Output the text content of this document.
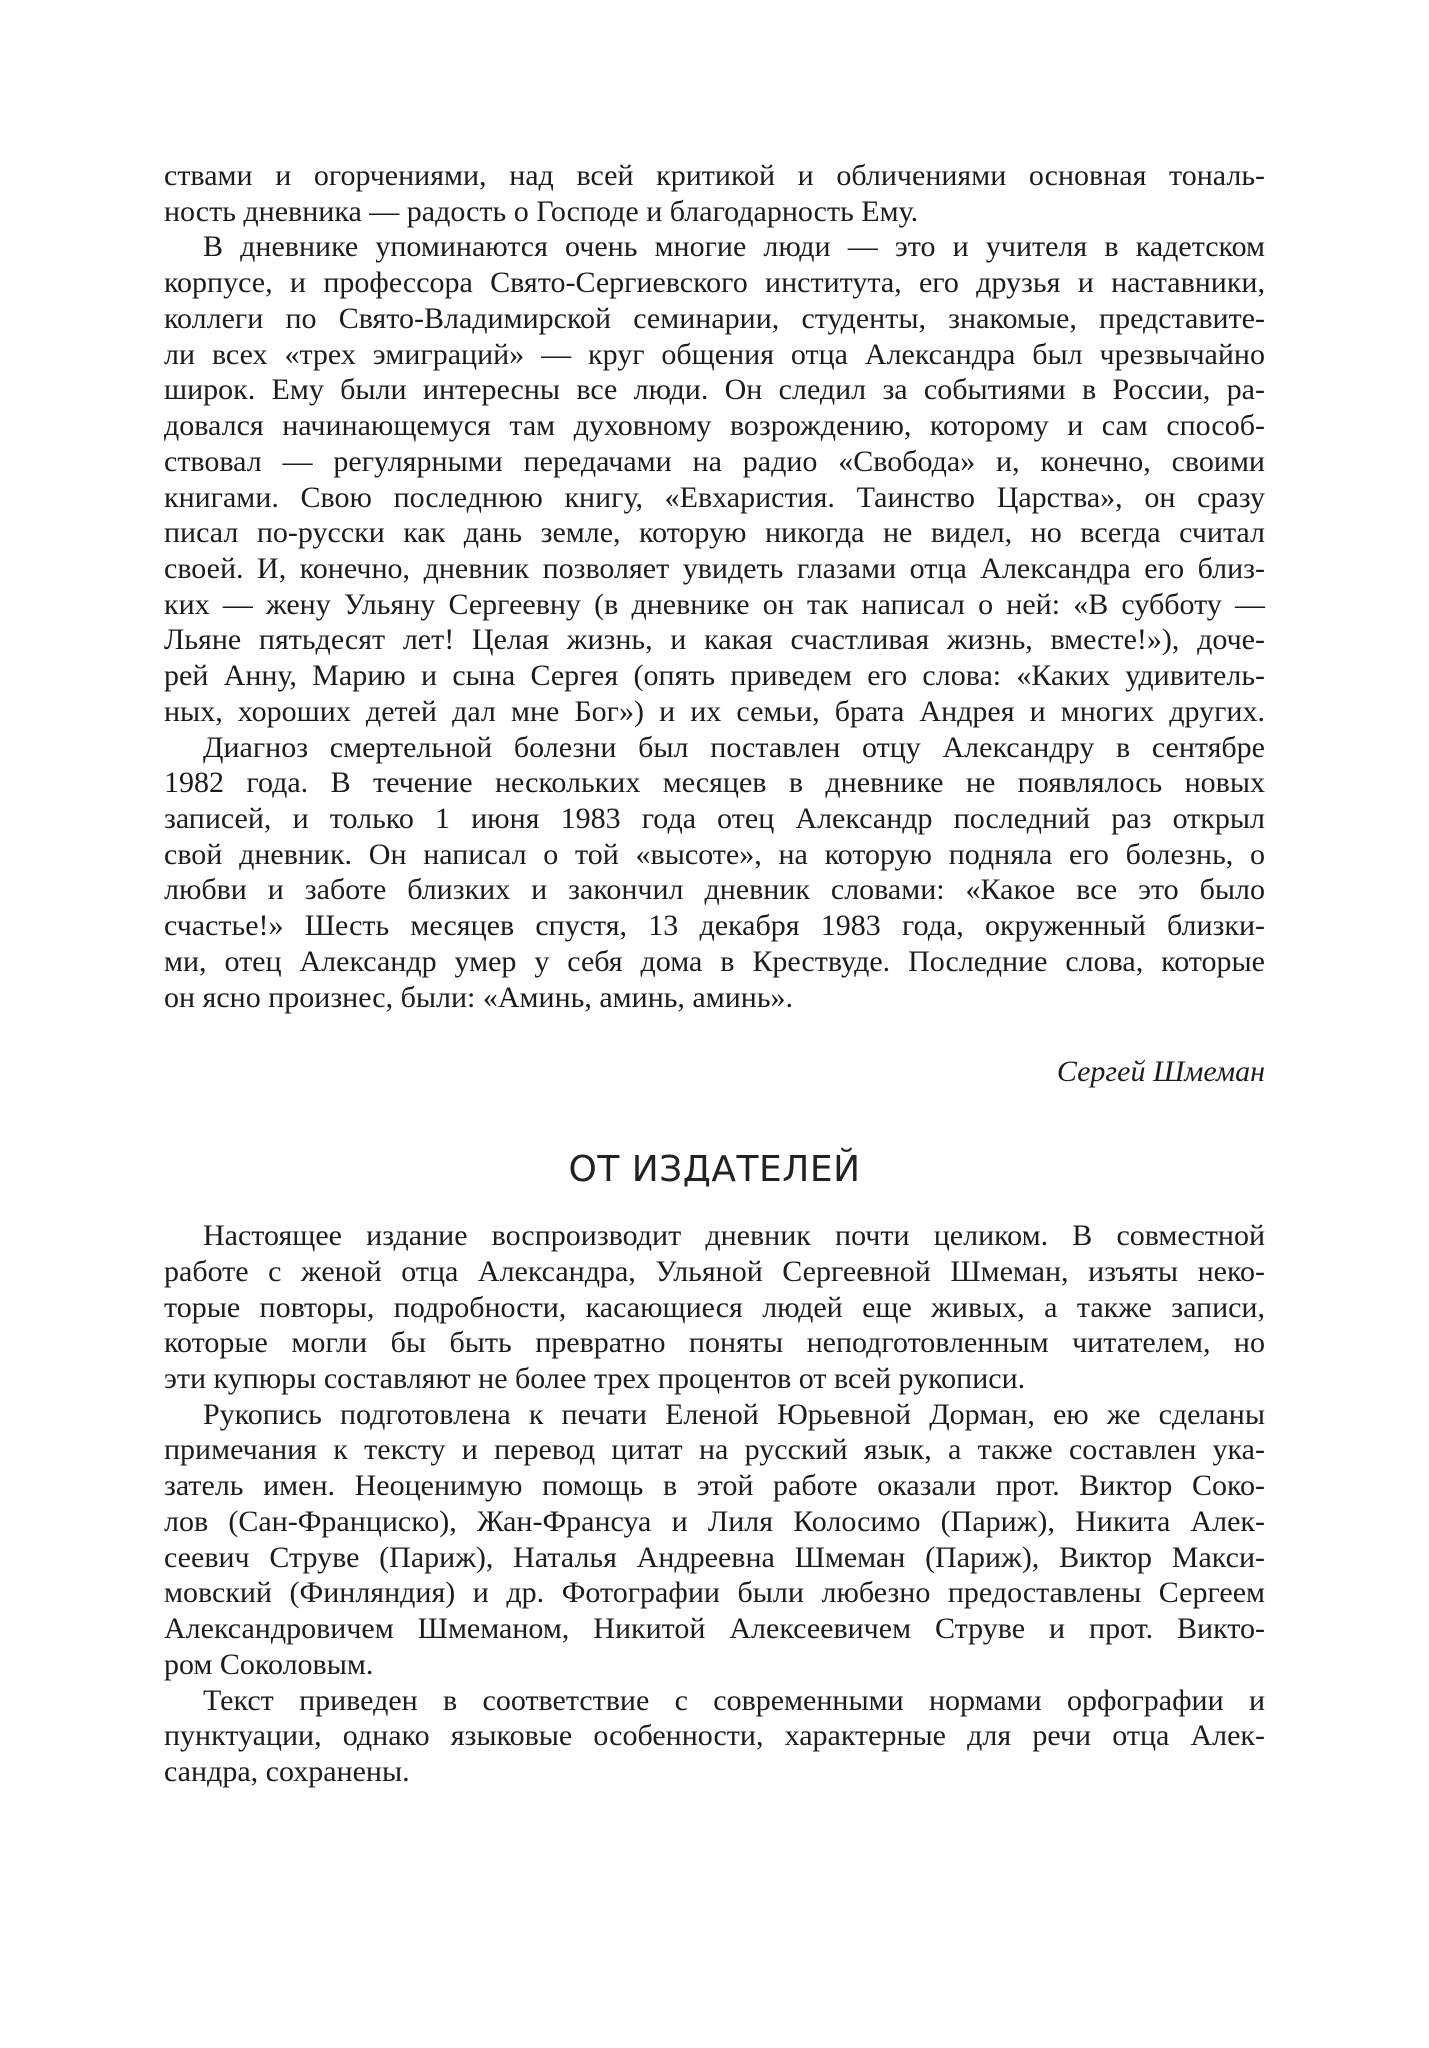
ствами и огорчениями, над всей критикой и обличениями основная тональ-
ность дневника — радость о Господе и благодарность Ему.
В дневнике упоминаются очень многие люди — это и учителя в кадетском
корпусе, и профессора Свято-Сергиевского института, его друзья и наставники,
коллеги по Свято-Владимирской семинарии, студенты, знакомые, представите-
ли всех «трех эмиграций» — круг общения отца Александра был чрезвычайно
широк. Ему были интересны все люди. Он следил за событиями в России, ра-
довался начинающемуся там духовному возрождению, которому и сам способ-
ствовал — регулярными передачами на радио «Свобода» и, конечно, своими
книгами. Свою последнюю книгу, «Евхаристия. Таинство Царства», он сразу
писал по-русски как дань земле, которую никогда не видел, но всегда считал
своей. И, конечно, дневник позволяет увидеть глазами отца Александра его близ-
ких — жену Ульяну Сергеевну (в дневнике он так написал о ней: «В субботу —
Льяне пятьдесят лет! Целая жизнь, и какая счастливая жизнь, вместе!»), доче-
рей Анну, Марию и сына Сергея (опять приведем его слова: «Каких удивитель-
ных, хороших детей дал мне Бог») и их семьи, брата Андрея и многих других.
Диагноз смертельной болезни был поставлен отцу Александру в сентябре
1982 года. В течение нескольких месяцев в дневнике не появлялось новых
записей, и только 1 июня 1983 года отец Александр последний раз открыл
свой дневник. Он написал о той «высоте», на которую подняла его болезнь, о
любви и заботе близких и закончил дневник словами: «Какое все это было
счастье!» Шесть месяцев спустя, 13 декабря 1983 года, окруженный близки-
ми, отец Александр умер у себя дома в Крествуде. Последние слова, которые
он ясно произнес, были: «Аминь, аминь, аминь».
Сергей Шмеман
ОТ ИЗДАТЕЛЕЙ
Настоящее издание воспроизводит дневник почти целиком. В совместной
работе с женой отца Александра, Ульяной Сергеевной Шмеман, изъяты неко-
торые повторы, подробности, касающиеся людей еще живых, а также записи,
которые могли бы быть превратно поняты неподготовленным читателем, но
эти купюры составляют не более трех процентов от всей рукописи.
Рукопись подготовлена к печати Еленой Юрьевной Дорман, ею же сделаны
примечания к тексту и перевод цитат на русский язык, а также составлен ука-
затель имен. Неоценимую помощь в этой работе оказали прот. Виктор Соко-
лов (Сан-Франциско), Жан-Франсуа и Лиля Колосимо (Париж), Никита Алек-
сеевич Струве (Париж), Наталья Андреевна Шмеман (Париж), Виктор Макси-
мовский (Финляндия) и др. Фотографии были любезно предоставлены Сергеем
Александровичем Шмеманом, Никитой Алексеевичем Струве и прот. Викто-
ром Соколовым.
Текст приведен в соответствие с современными нормами орфографии и
пунктуации, однако языковые особенности, характерные для речи отца Алек-
сандра, сохранены.
